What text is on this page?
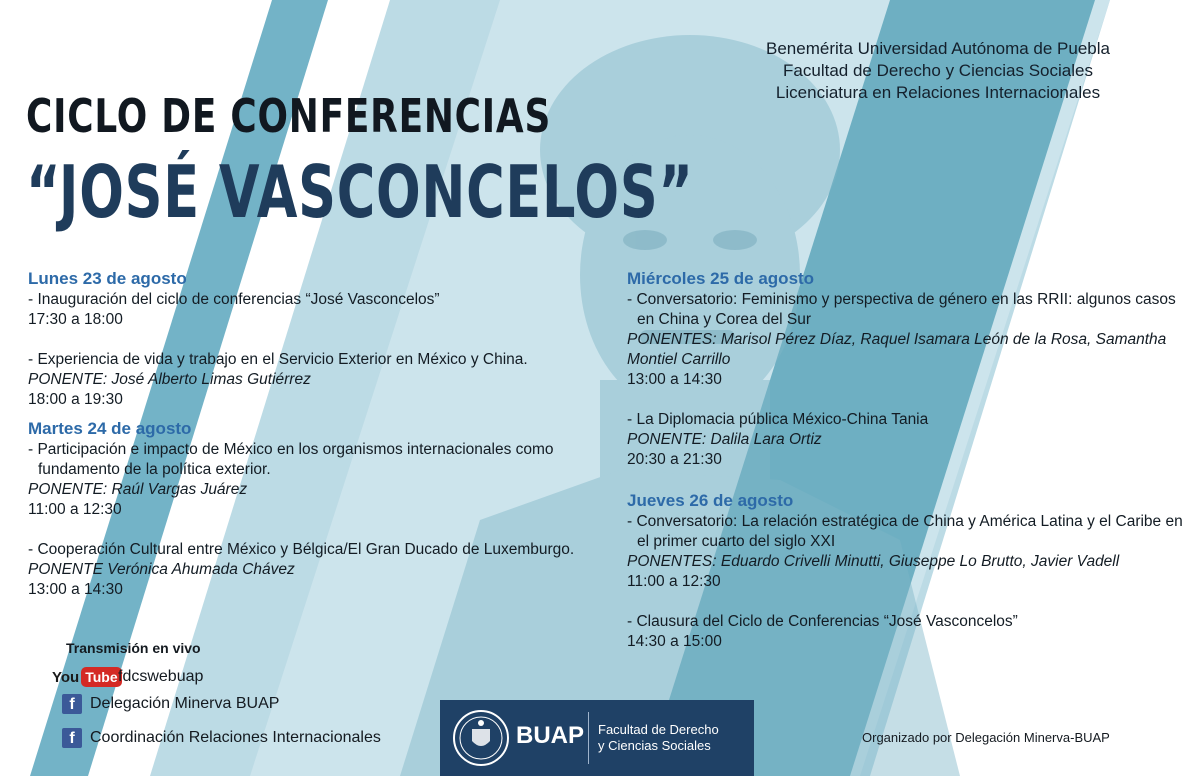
Benemérita Universidad Autónoma de Puebla
Facultad de Derecho y Ciencias Sociales
Licenciatura en Relaciones Internacionales
CICLO DE CONFERENCIAS
“JOSÉ VASCONCELOS”
Lunes 23 de agosto
- Inauguración del ciclo de conferencias “José Vasconcelos”
17:30 a 18:00
- Experiencia de vida y trabajo en el Servicio Exterior en México y China.
PONENTE: José Alberto Limas Gutiérrez
18:00 a 19:30
Martes 24 de agosto
- Participación e impacto de México en los organismos internacionales como fundamento de la política exterior.
PONENTE: Raúl Vargas Juárez
11:00 a 12:30
- Cooperación Cultural entre México y Bélgica/El Gran Ducado de Luxemburgo.
PONENTE Verónica Ahumada Chávez
13:00 a 14:30
Miércoles 25 de agosto
- Conversatorio: Feminismo y perspectiva de género en las RRII: algunos casos en China y Corea del Sur
PONENTES: Marisol Pérez Díaz, Raquel Isamara León de la Rosa, Samantha Montiel Carrillo
13:00 a 14:30
- La Diplomacia pública México-China Tania
PONENTE: Dalila Lara Ortiz
20:30 a 21:30
Jueves 26 de agosto
- Conversatorio: La relación estratégica de China y América Latina y el Caribe en el primer cuarto del siglo XXI
PONENTES: Eduardo Crivelli Minutti, Giuseppe Lo Brutto, Javier Vadell
11:00 a 12:30
- Clausura del Ciclo de Conferencias “José Vasconcelos”
14:30 a 15:00
Transmisión en vivo
You Tube fdcswebuap
f Delegación Minerva BUAP
f Coordinación Relaciones Internacionales	BUAP Facultad de Derecho
y Ciencias Sociales
Organizado por Delegación Minerva-BUAP
